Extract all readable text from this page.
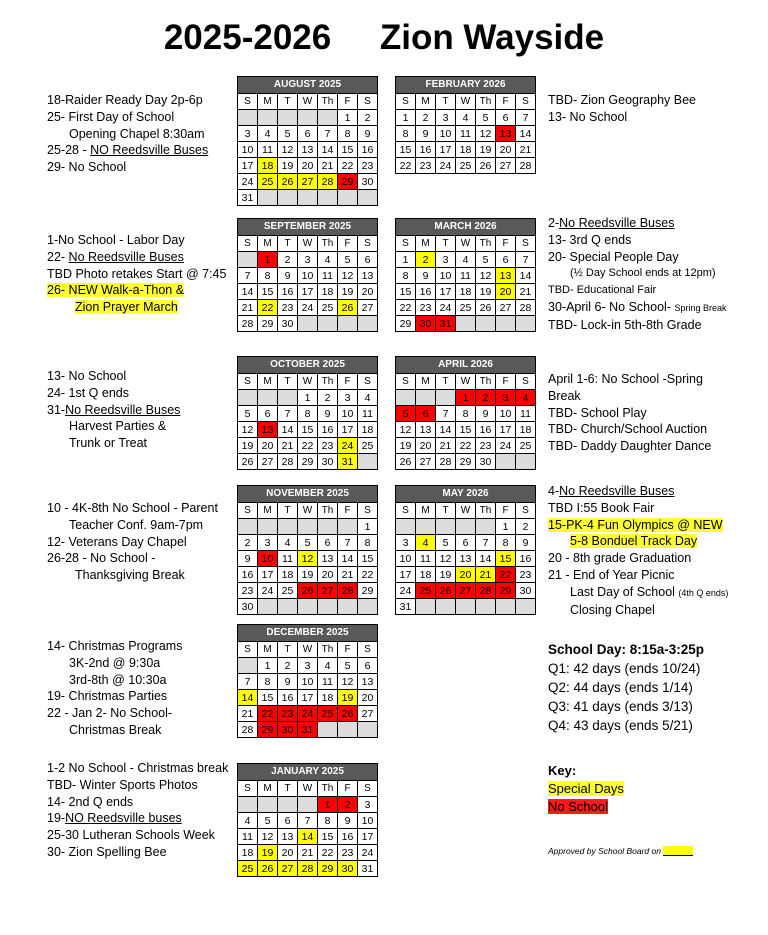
2025-2026     Zion Wayside
18-Raider Ready Day 2p-6p
25- First Day of School
Opening Chapel 8:30am
25-28 - NO Reedsville Buses
29- No School
1-No School - Labor Day
22- No Reedsville Buses
TBD Photo retakes Start @ 7:45
26- NEW Walk-a-Thon &
Zion Prayer March
13- No School
24- 1st Q ends
31-No Reedsville Buses
Harvest Parties &
Trunk or Treat
10 - 4K-8th No School - Parent
Teacher Conf. 9am-7pm
12- Veterans Day Chapel
26-28 - No School -
Thanksgiving Break
14- Christmas Programs
3K-2nd @ 9:30a
3rd-8th @ 10:30a
19- Christmas Parties
22 - Jan 2- No School-
Christmas Break
1-2 No School - Christmas break
TBD- Winter Sports Photos
14- 2nd Q ends
19-NO Reedsville buses
25-30 Lutheran Schools Week
30- Zion Spelling Bee
TBD- Zion Geography Bee
13- No School
2-No Reedsville Buses
13- 3rd Q ends
20- Special People Day
(½ Day School ends at 12pm)
TBD- Educational Fair
30-April 6- No School- Spring Break
TBD- Lock-in 5th-8th Grade
April 1-6: No School -Spring
Break
TBD- School Play
TBD- Church/School Auction
TBD- Daddy Daughter Dance
4-No Reedsville Buses
TBD I:55 Book Fair
15-PK-4 Fun Olympics @ NEW
5-8 Bonduel Track Day
20 - 8th grade Graduation
21 - End of Year Picnic
Last Day of School (4th Q ends)
Closing Chapel
AUGUST 2025						
S	M	T	W	Th	F	S
					1	2
3	4	5	6	7	8	9
10	11	12	13	14	15	16
17	18	19	20	21	22	23
24	25	26	27	28	29	30
31						
FEBRUARY 2026						
S	M	T	W	Th	F	S
1	2	3	4	5	6	7
8	9	10	11	12	13	14
15	16	17	18	19	20	21
22	23	24	25	26	27	28
SEPTEMBER 2025						
S	M	T	W	Th	F	S
	1	2	3	4	5	6
7	8	9	10	11	12	13
14	15	16	17	18	19	20
21	22	23	24	25	26	27
28	29	30				
MARCH 2026						
S	M	T	W	Th	F	S
1	2	3	4	5	6	7
8	9	10	11	12	13	14
15	16	17	18	19	20	21
22	23	24	25	26	27	28
29	30	31				
OCTOBER 2025						
S	M	T	W	Th	F	S
			1	2	3	4
5	6	7	8	9	10	11
12	13	14	15	16	17	18
19	20	21	22	23	24	25
26	27	28	29	30	31	
APRIL 2026						
S	M	T	W	Th	F	S
			1	2	3	4
5	6	7	8	9	10	11
12	13	14	15	16	17	18
19	20	21	22	23	24	25
26	27	28	29	30		
NOVEMBER 2025						
S	M	T	W	Th	F	S
						1
2	3	4	5	6	7	8
9	10	11	12	13	14	15
16	17	18	19	20	21	22
23	24	25	26	27	28	29
30						
MAY 2026						
S	M	T	W	Th	F	S
					1	2
3	4	5	6	7	8	9
10	11	12	13	14	15	16
17	18	19	20	21	22	23
24	25	26	27	28	29	30
31						
DECEMBER 2025						
S	M	T	W	Th	F	S
	1	2	3	4	5	6
7	8	9	10	11	12	13
14	15	16	17	18	19	20
21	22	23	24	25	26	27
28	29	30	31			
JANUARY 2025						
S	M	T	W	Th	F	S
				1	2	3
4	5	6	7	8	9	10
11	12	13	14	15	16	17
18	19	20	21	22	23	24
25	26	27	28	29	30	31
School Day: 8:15a-3:25p
Q1: 42 days (ends 10/24)
Q2: 44 days (ends 1/14)
Q3: 41 days (ends 3/13)
Q4: 43 days (ends 5/21)
Key:
Special Days
No School
Approved by School Board on
